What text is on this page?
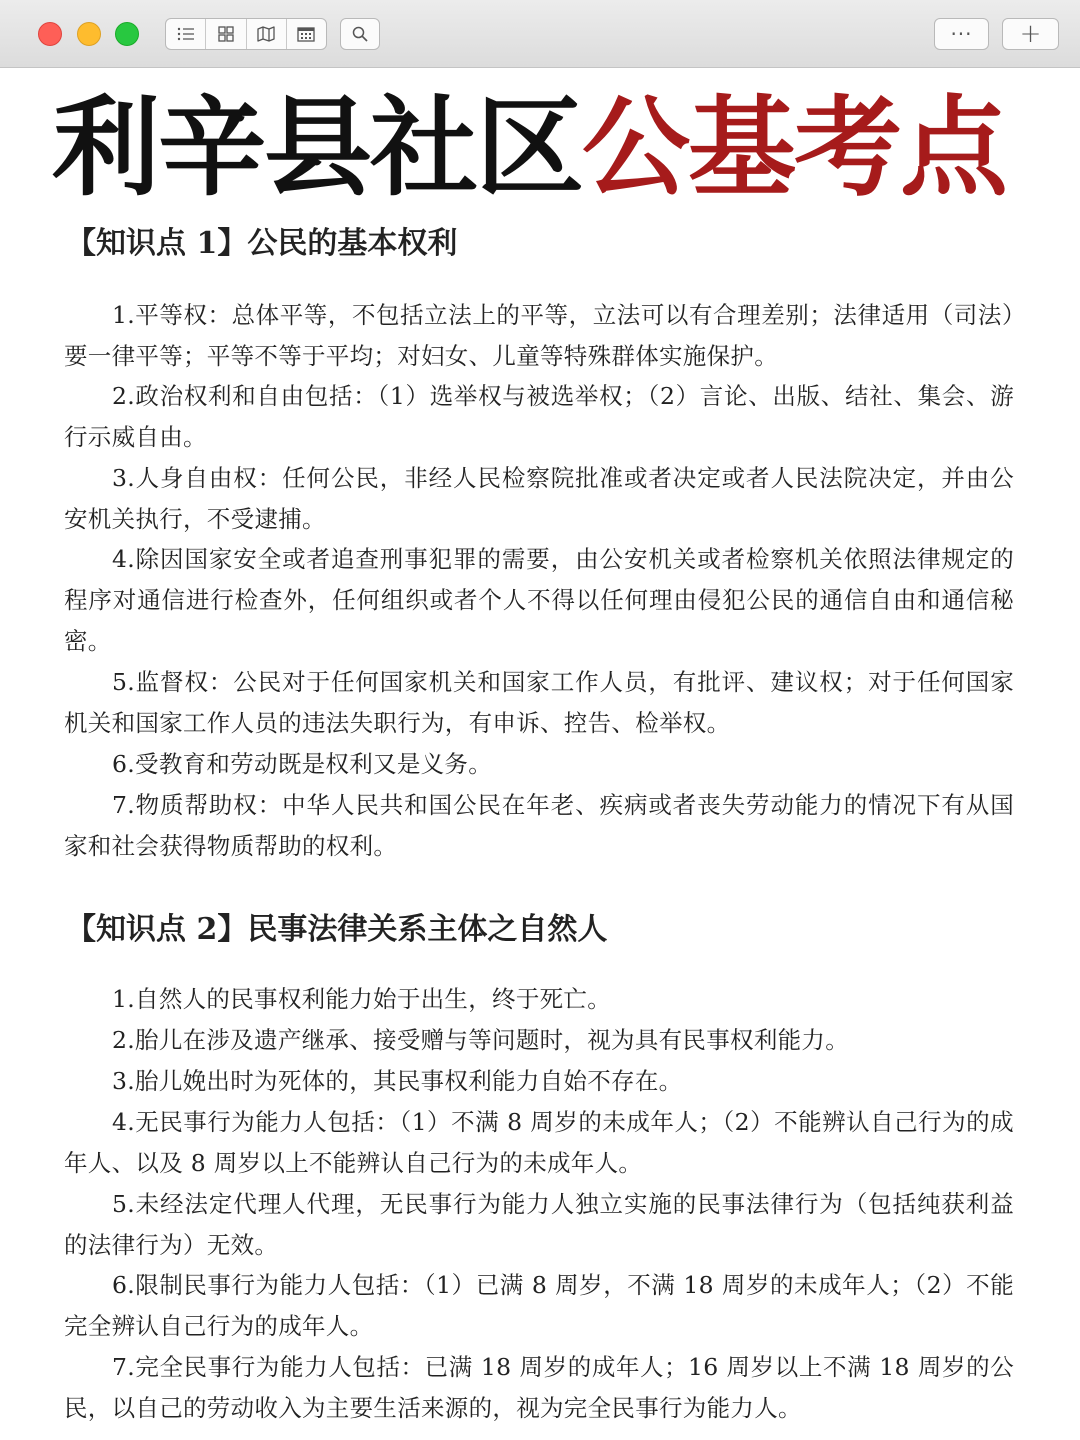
···	+
利辛县社区公基考点
【知识点 1】公民的基本权利
1.平等权：总体平等，不包括立法上的平等，立法可以有合理差别；法律适用（司法）要一律平等；平等不等于平均；对妇女、儿童等特殊群体实施保护。
2.政治权利和自由包括：（1）选举权与被选举权；（2）言论、出版、结社、集会、游行示威自由。
3.人身自由权：任何公民，非经人民检察院批准或者决定或者人民法院决定，并由公安机关执行，不受逮捕。
4.除因国家安全或者追查刑事犯罪的需要，由公安机关或者检察机关依照法律规定的程序对通信进行检查外，任何组织或者个人不得以任何理由侵犯公民的通信自由和通信秘密。
5.监督权：公民对于任何国家机关和国家工作人员，有批评、建议权；对于任何国家机关和国家工作人员的违法失职行为，有申诉、控告、检举权。
6.受教育和劳动既是权利又是义务。
7.物质帮助权：中华人民共和国公民在年老、疾病或者丧失劳动能力的情况下有从国家和社会获得物质帮助的权利。
【知识点 2】民事法律关系主体之自然人
1.自然人的民事权利能力始于出生，终于死亡。
2.胎儿在涉及遗产继承、接受赠与等问题时，视为具有民事权利能力。
3.胎儿娩出时为死体的，其民事权利能力自始不存在。
4.无民事行为能力人包括：（1）不满 8 周岁的未成年人；（2）不能辨认自己行为的成年人、以及 8 周岁以上不能辨认自己行为的未成年人。
5.未经法定代理人代理，无民事行为能力人独立实施的民事法律行为（包括纯获利益的法律行为）无效。
6.限制民事行为能力人包括：（1）已满 8 周岁，不满 18 周岁的未成年人；（2）不能完全辨认自己行为的成年人。
7.完全民事行为能力人包括：已满 18 周岁的成年人；16 周岁以上不满 18 周岁的公民，以自己的劳动收入为主要生活来源的，视为完全民事行为能力人。
